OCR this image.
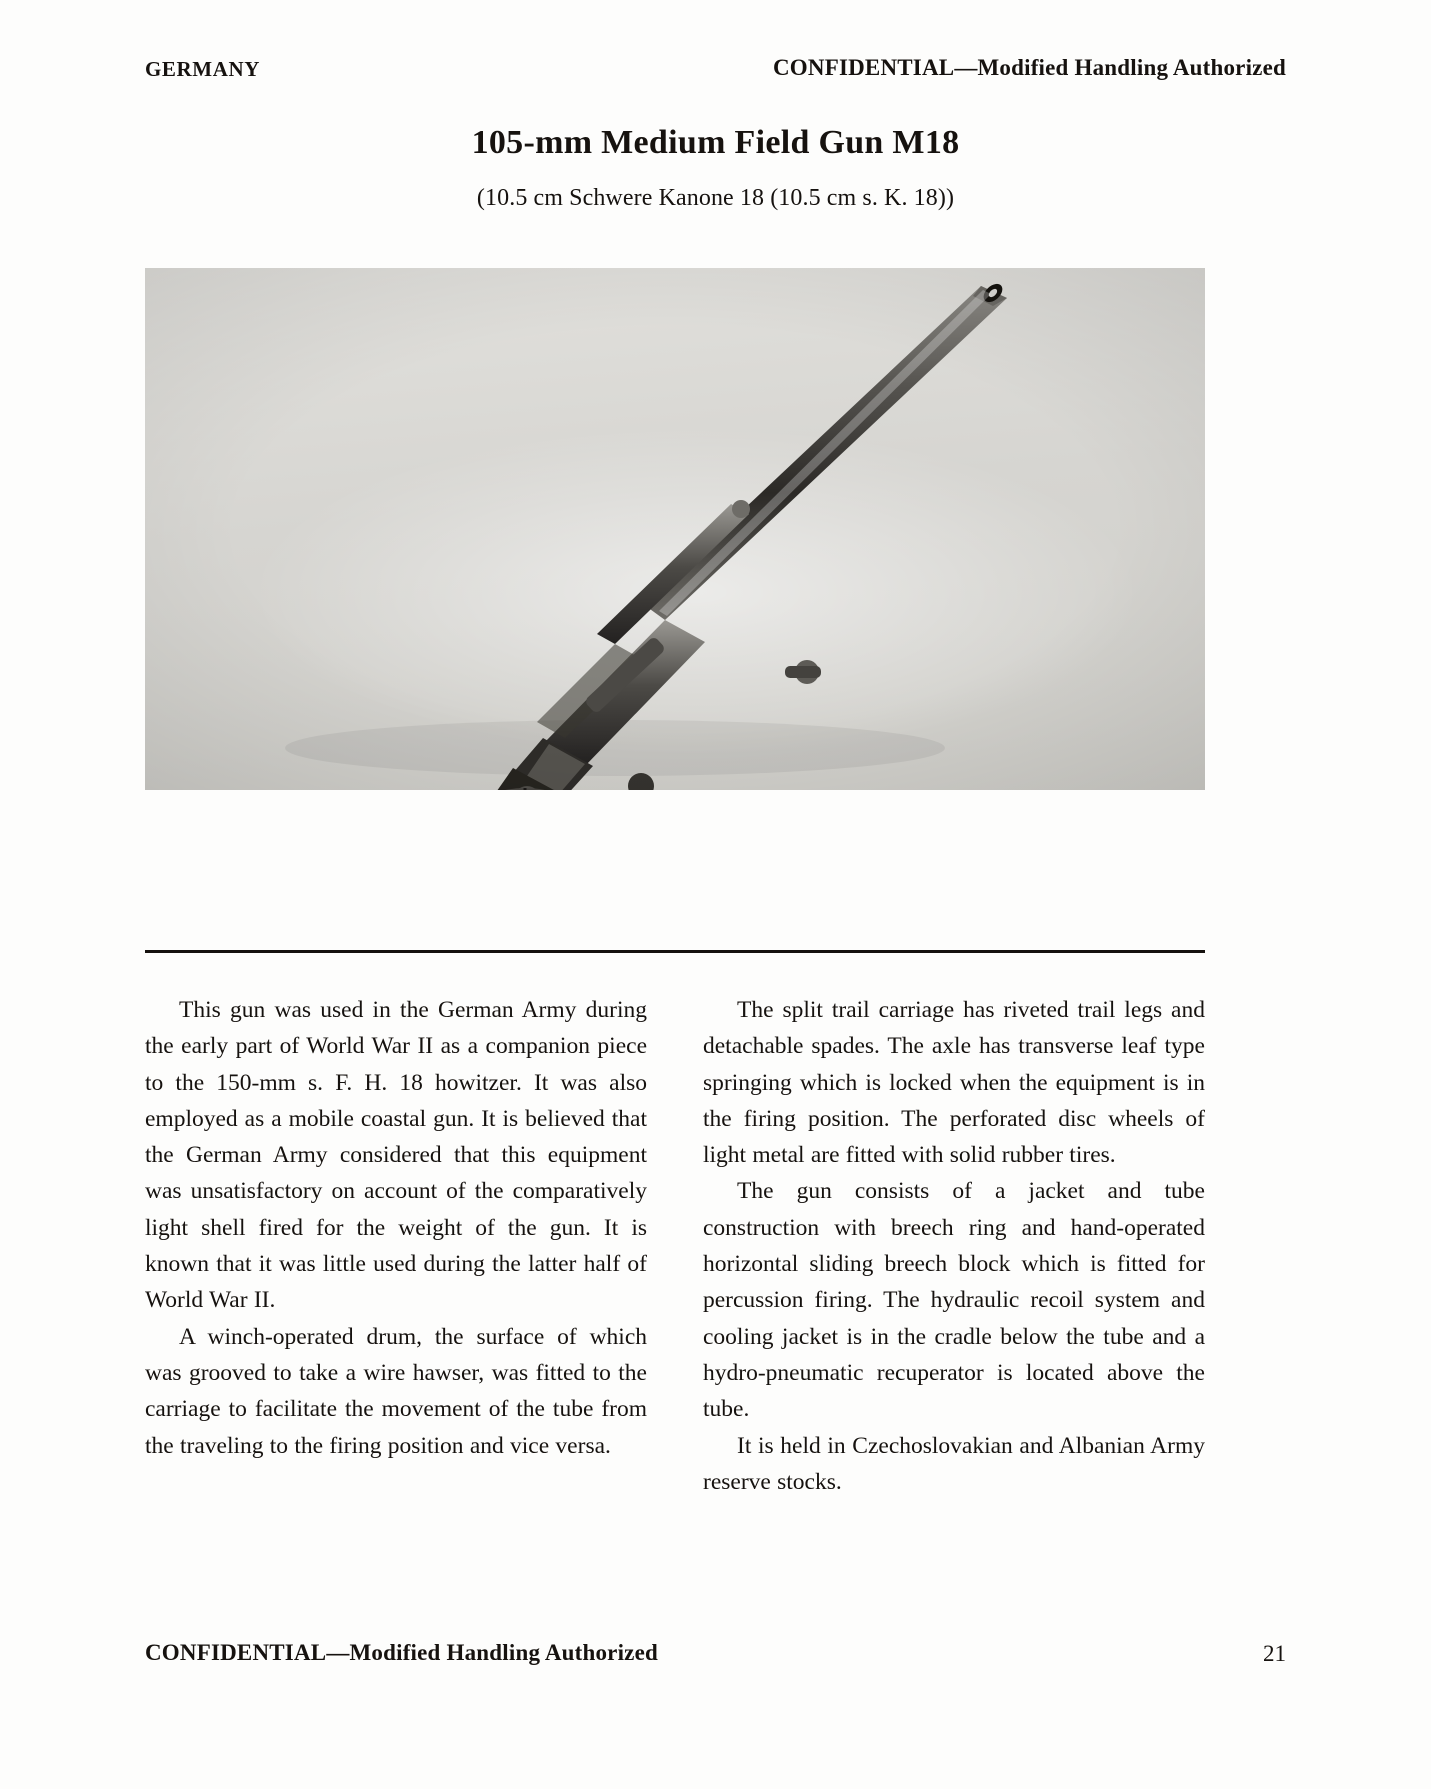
GERMANY	CONFIDENTIAL—Modified Handling Authorized
105-mm Medium Field Gun M18
(10.5 cm Schwere Kanone 18 (10.5 cm s. K. 18))

This gun was used in the German Army during the early part of World War II as a companion piece to the 150-mm s. F. H. 18 howitzer. It was also employed as a mobile coastal gun. It is believed that the German Army considered that this equipment was unsatisfactory on account of the comparatively light shell fired for the weight of the gun. It is known that it was little used during the latter half of World War II.

A winch-operated drum, the surface of which was grooved to take a wire hawser, was fitted to the carriage to facilitate the movement of the tube from the traveling to the firing position and vice versa.

The split trail carriage has riveted trail legs and detachable spades. The axle has transverse leaf type springing which is locked when the equipment is in the firing position. The perforated disc wheels of light metal are fitted with solid rubber tires.

The gun consists of a jacket and tube construction with breech ring and hand-operated horizontal sliding breech block which is fitted for percussion firing. The hydraulic recoil system and cooling jacket is in the cradle below the tube and a hydro-pneumatic recuperator is located above the tube.

It is held in Czechoslovakian and Albanian Army reserve stocks.

CONFIDENTIAL—Modified Handling Authorized	21
